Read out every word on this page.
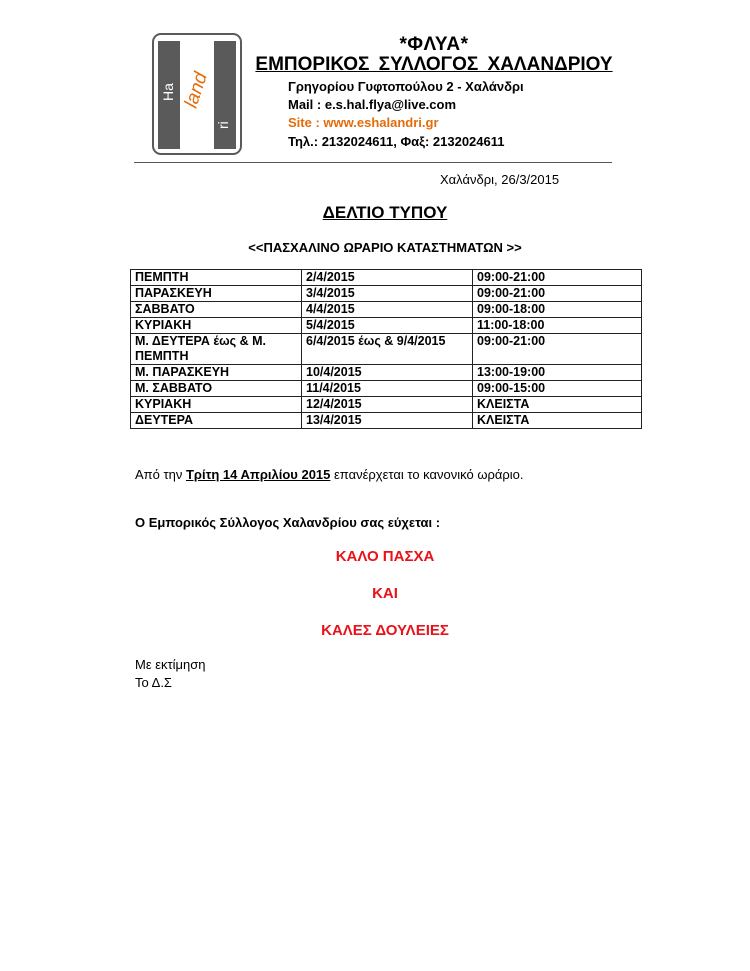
Ha land
ri
*ΦΛΥΑ*
ΕΜΠΟΡΙΚΟΣ ΣΥΛΛΟΓΟΣ ΧΑΛΑΝΔΡΙΟΥ
Γρηγορίου Γυφτοπούλου 2 - Χαλάνδρι
Mail : e.s.hal.flya@live.com
Site : www.eshalandri.gr
Τηλ.: 2132024611, Φαξ: 2132024611
Χαλάνδρι, 26/3/2015
ΔΕΛΤΙΟ ΤΥΠΟΥ
<<ΠΑΣΧΑΛΙΝΟ ΩΡΑΡΙΟ ΚΑΤΑΣΤΗΜΑΤΩΝ >>
ΠΕΜΠΤΗ	2/4/2015	09:00-21:00
ΠΑΡΑΣΚΕΥΗ	3/4/2015	09:00-21:00
ΣΑΒΒΑΤΟ	4/4/2015	09:00-18:00
ΚΥΡΙΑΚΗ	5/4/2015	11:00-18:00
Μ. ΔΕΥΤΕΡΑ έως & Μ. ΠΕΜΠΤΗ	6/4/2015 έως & 9/4/2015	09:00-21:00
Μ. ΠΑΡΑΣΚΕΥΗ	10/4/2015	13:00-19:00
Μ. ΣΑΒΒΑΤΟ	11/4/2015	09:00-15:00
ΚΥΡΙΑΚΗ	12/4/2015	ΚΛΕΙΣΤΑ
ΔΕΥΤΕΡΑ	13/4/2015	ΚΛΕΙΣΤΑ
Από την Τρίτη 14 Απριλίου 2015 επανέρχεται το κανονικό ωράριο.
Ο Εμπορικός Σύλλογος Χαλανδρίου σας εύχεται :
ΚΑΛΟ ΠΑΣΧΑ
ΚΑΙ
ΚΑΛΕΣ ΔΟΥΛΕΙΕΣ
Με εκτίμηση
Το Δ.Σ
